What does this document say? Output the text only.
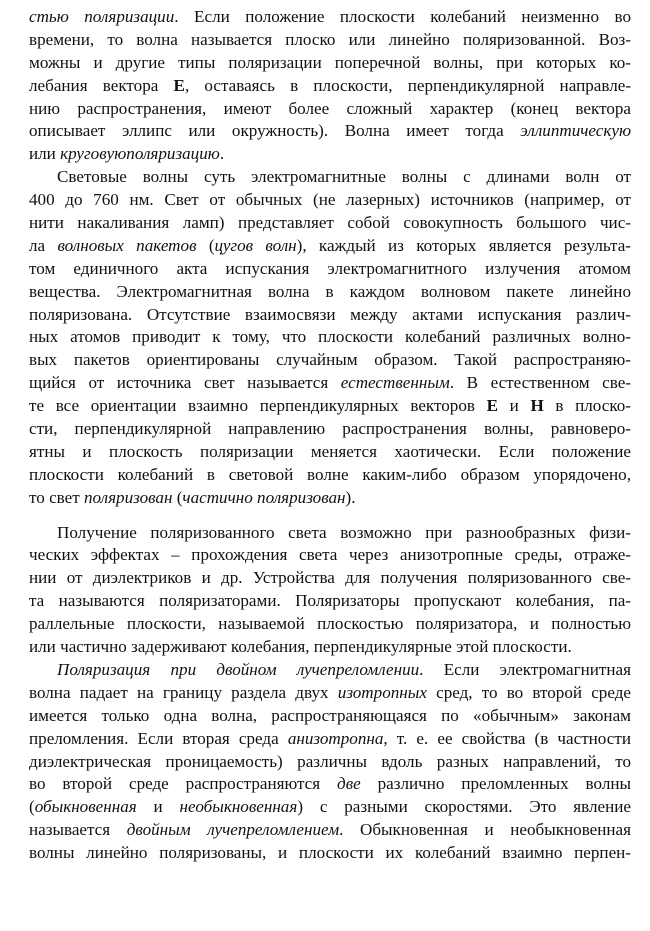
стью поляризации. Если положение плоскости колебаний неизменно во
времени, то волна называется плоско или линейно поляризованной. Воз-
можны и другие типы поляризации поперечной волны, при которых ко-
лебания вектора E, оставаясь в плоскости, перпендикулярной направле-
нию распространения, имеют более сложный характер (конец вектора
описывает эллипс или окружность). Волна имеет тогда эллиптическую
или круговуюполяризацию.
Световые волны суть электромагнитные волны с длинами волн от
400 до 760 нм. Свет от обычных (не лазерных) источников (например, от
нити накаливания ламп) представляет собой совокупность большого чис-
ла волновых пакетов (цугов волн), каждый из которых является результа-
том единичного акта испускания электромагнитного излучения атомом
вещества. Электромагнитная волна в каждом волновом пакете линейно
поляризована. Отсутствие взаимосвязи между актами испускания различ-
ных атомов приводит к тому, что плоскости колебаний различных волно-
вых пакетов ориентированы случайным образом. Такой распространяю-
щийся от источника свет называется естественным. В естественном све-
те все ориентации взаимно перпендикулярных векторов E и H в плоско-
сти, перпендикулярной направлению распространения волны, равноверо-
ятны и плоскость поляризации меняется хаотически. Если положение
плоскости колебаний в световой волне каким-либо образом упорядочено,
то свет поляризован (частично поляризован).
Получение поляризованного света возможно при разнообразных физи-
ческих эффектах – прохождения света через анизотропные среды, отраже-
нии от диэлектриков и др. Устройства для получения поляризованного све-
та называются поляризаторами. Поляризаторы пропускают колебания, па-
раллельные плоскости, называемой плоскостью поляризатора, и полностью
или частично задерживают колебания, перпендикулярные этой плоскости.
Поляризация при двойном лучепреломлении. Если электромагнитная
волна падает на границу раздела двух изотропных сред, то во второй среде
имеется только одна волна, распространяющаяся по «обычным» законам
преломления. Если вторая среда анизотропна, т. е. ее свойства (в частности
диэлектрическая проницаемость) различны вдоль разных направлений, то
во второй среде распространяются две различно преломленных волны
(обыкновенная и необыкновенная) с разными скоростями. Это явление
называется двойным лучепреломлением. Обыкновенная и необыкновенная
волны линейно поляризованы, и плоскости их колебаний взаимно перпен-
